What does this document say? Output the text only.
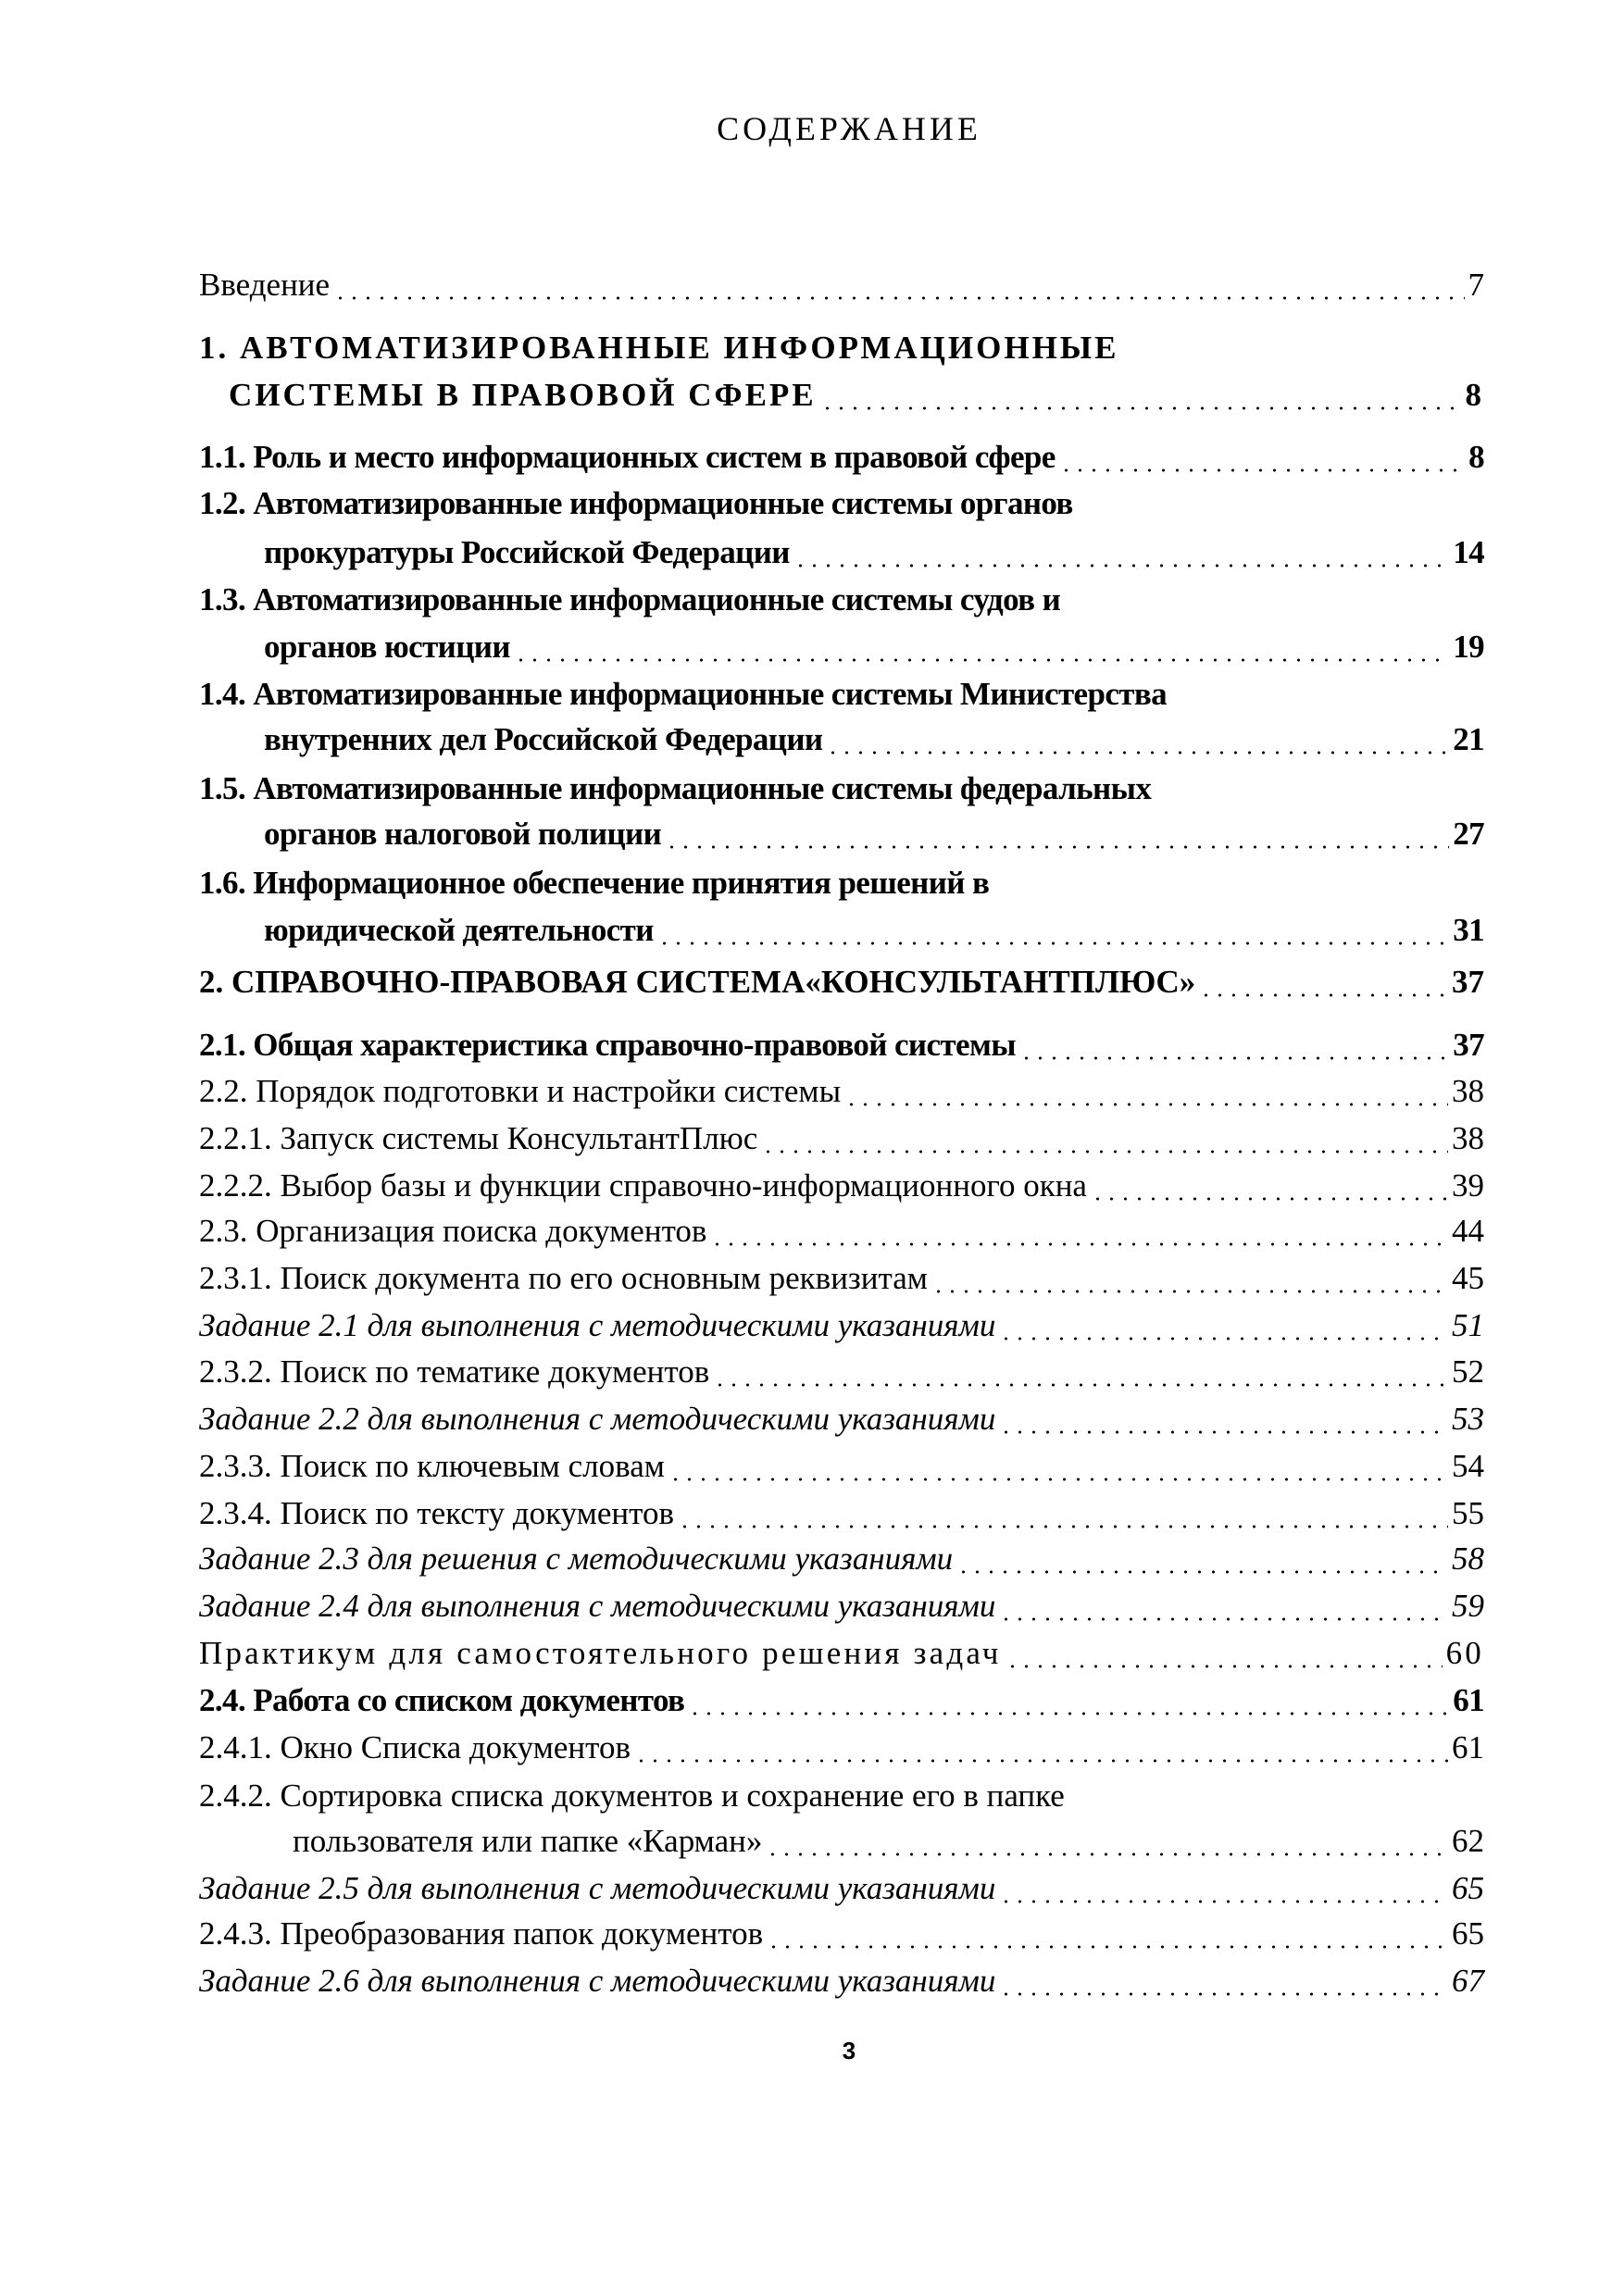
СОДЕРЖАНИЕ
Введение	7
1. АВТОМАТИЗИРОВАННЫЕ ИНФОРМАЦИОННЫЕ
СИСТЕМЫ В ПРАВОВОЙ СФЕРЕ	8
1.1. Роль и место информационных систем в правовой сфере	8
1.2. Автоматизированные информационные системы органов
прокуратуры Российской Федерации	14
1.3. Автоматизированные информационные системы судов и
органов юстиции	19
1.4. Автоматизированные информационные системы Министерства
внутренних дел Российской Федерации	21
1.5. Автоматизированные информационные системы федеральных
органов налоговой полиции	27
1.6. Информационное обеспечение принятия решений в
юридической деятельности	31
2. СПРАВОЧНО-ПРАВОВАЯ СИСТЕМА«КОНСУЛЬТАНТПЛЮС»	37
2.1. Общая характеристика справочно-правовой системы	37
2.2. Порядок подготовки и настройки системы	38
2.2.1. Запуск системы КонсультантПлюс	38
2.2.2. Выбор базы и функции справочно-информационного окна	39
2.3. Организация поиска документов	44
2.3.1. Поиск документа по его основным реквизитам	45
Задание 2.1 для выполнения с методическими указаниями	51
2.3.2. Поиск по тематике документов	52
Задание 2.2 для выполнения с методическими указаниями	53
2.3.3. Поиск по ключевым словам	54
2.3.4. Поиск по тексту документов	55
Задание 2.3 для решения с методическими указаниями	58
Задание 2.4 для выполнения с методическими указаниями	59
Практикум для самостоятельного решения задач	60
2.4. Работа со списком документов	61
2.4.1. Окно Списка документов	61
2.4.2. Сортировка списка документов и сохранение его в папке
пользователя или папке «Карман»	62
Задание 2.5 для выполнения с методическими указаниями	65
2.4.3. Преобразования папок документов	65
Задание 2.6 для выполнения с методическими указаниями	67
3
